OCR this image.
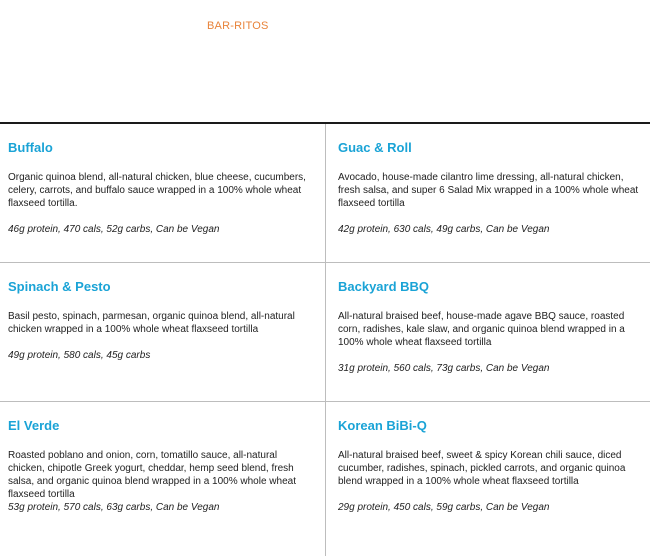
BAR-RITOS
Buffalo
Organic quinoa blend, all-natural chicken, blue cheese, cucumbers, celery, carrots, and buffalo sauce wrapped in a 100% whole wheat flaxseed tortilla.
46g protein, 470 cals, 52g carbs, Can be Vegan
Guac & Roll
Avocado, house-made cilantro lime dressing, all-natural chicken, fresh salsa, and super 6 Salad Mix wrapped in a 100% whole wheat flaxseed tortilla
42g protein, 630 cals, 49g carbs, Can be Vegan
Spinach & Pesto
Basil pesto, spinach, parmesan, organic quinoa blend, all-natural chicken wrapped in a 100% whole wheat flaxseed tortilla
49g protein, 580 cals, 45g carbs
Backyard BBQ
All-natural braised beef, house-made agave BBQ sauce, roasted corn, radishes, kale slaw, and organic quinoa blend wrapped in a 100% whole wheat flaxseed tortilla
31g protein, 560 cals, 73g carbs, Can be Vegan
El Verde
Roasted poblano and onion, corn, tomatillo sauce, all-natural chicken, chipotle Greek yogurt, cheddar, hemp seed blend, fresh salsa, and organic quinoa blend wrapped in a 100% whole wheat flaxseed tortilla
53g protein, 570 cals, 63g carbs, Can be Vegan
Korean BiBi-Q
All-natural braised beef, sweet & spicy Korean chili sauce, diced cucumber, radishes, spinach, pickled carrots, and organic quinoa blend wrapped in a 100% whole wheat flaxseed tortilla
29g protein, 450 cals, 59g carbs, Can be Vegan
